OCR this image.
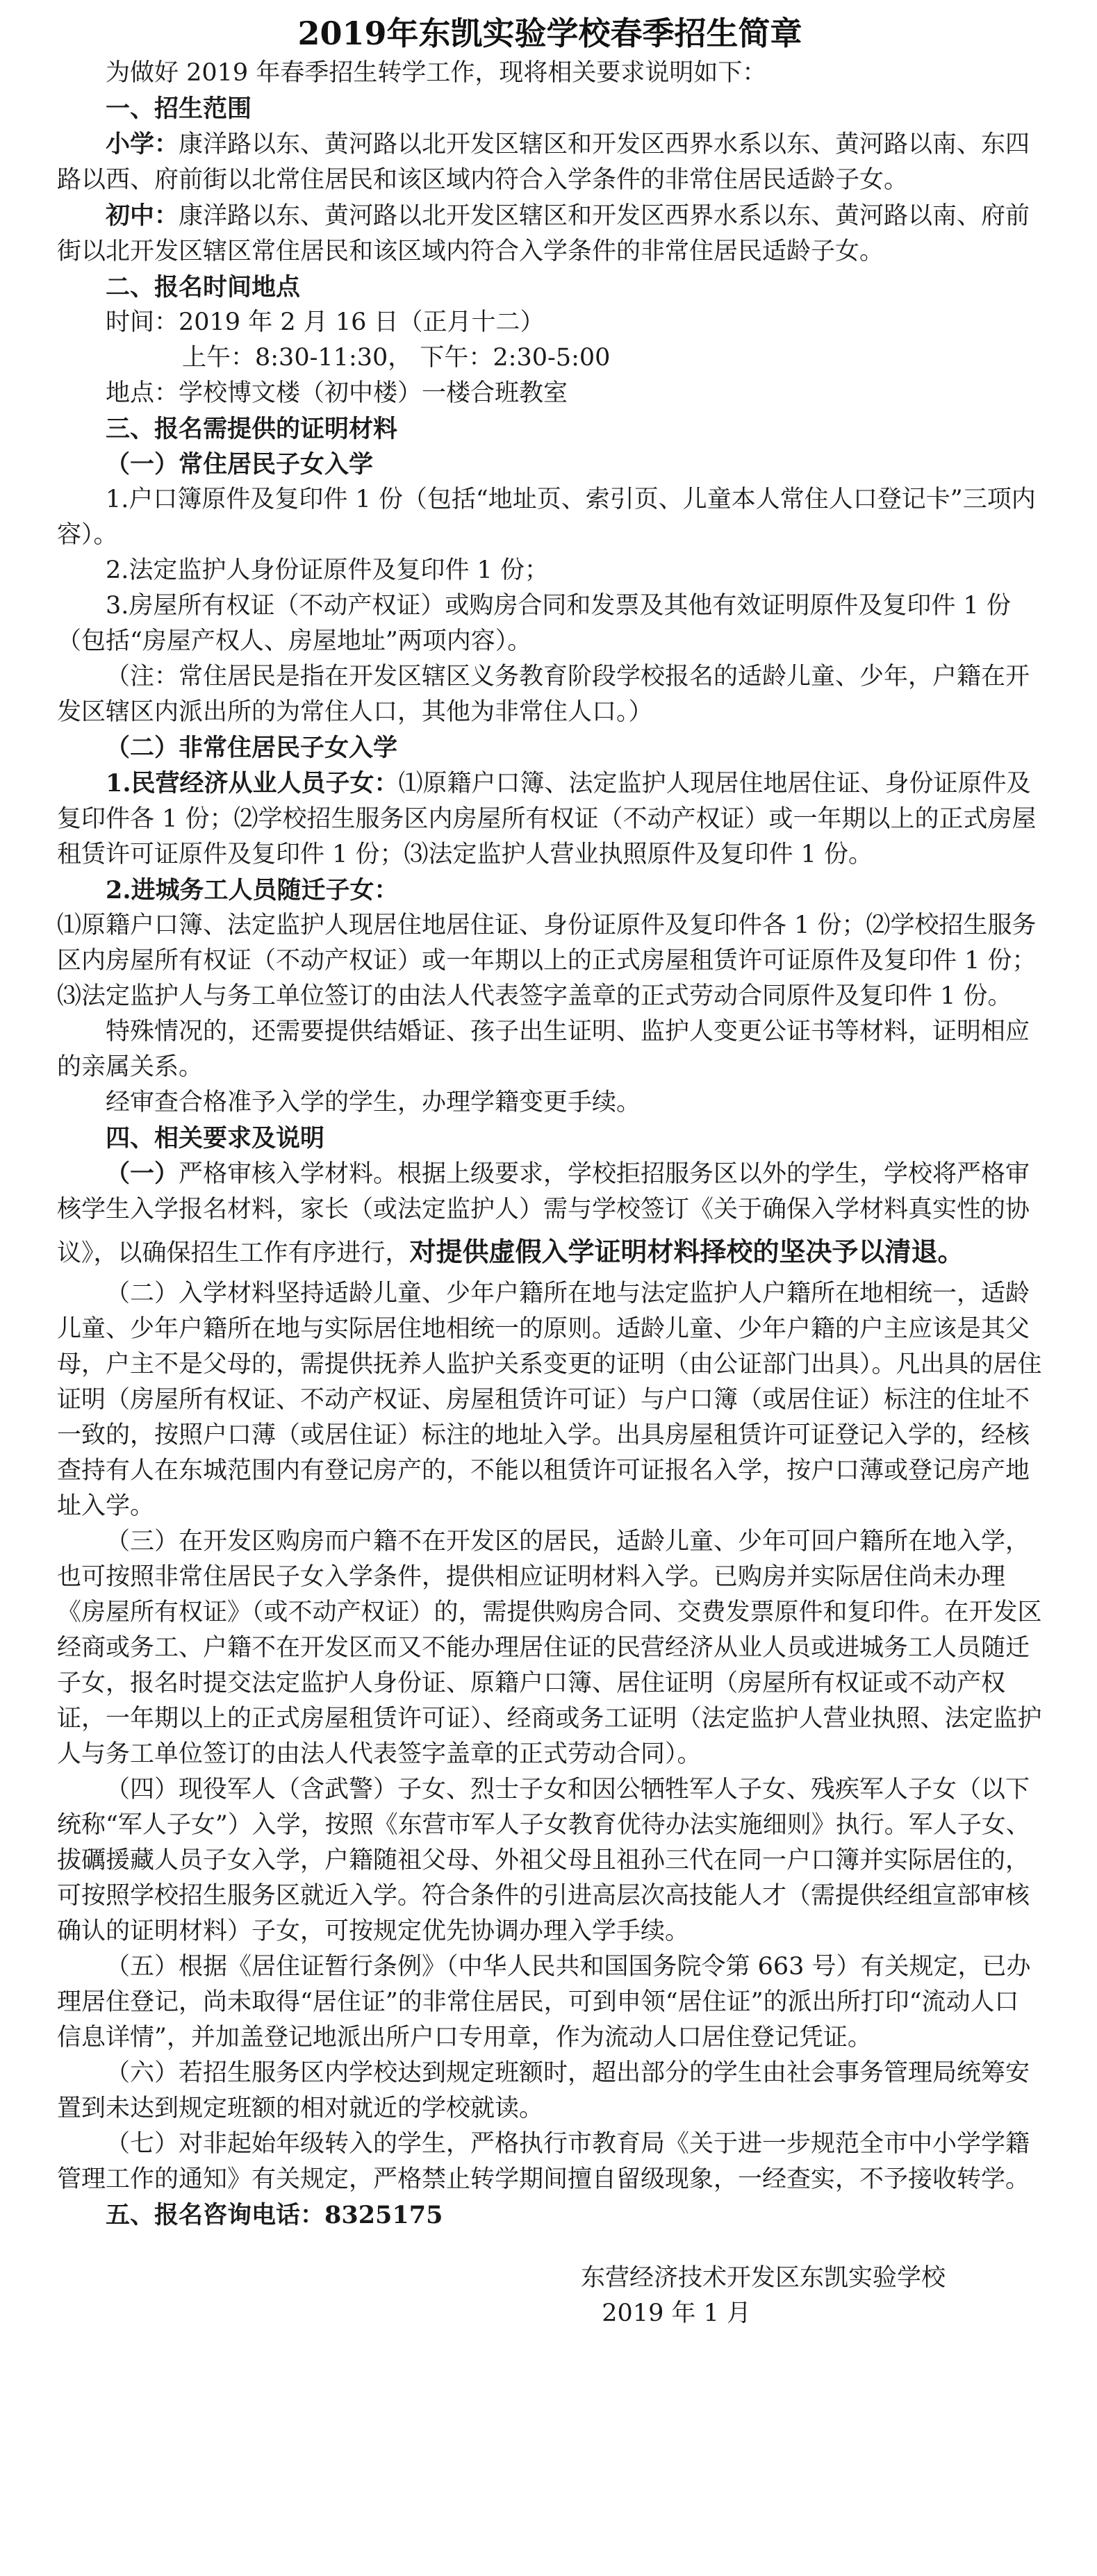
2019年东凯实验学校春季招生简章

为做好 2019 年春季招生转学工作，现将相关要求说明如下：

一、招生范围

小学：康洋路以东、黄河路以北开发区辖区和开发区西界水系以东、黄河路以南、东四路以西、府前街以北常住居民和该区域内符合入学条件的非常住居民适龄子女。

初中：康洋路以东、黄河路以北开发区辖区和开发区西界水系以东、黄河路以南、府前街以北开发区辖区常住居民和该区域内符合入学条件的非常住居民适龄子女。

二、报名时间地点

时间：2019 年 2 月 16 日（正月十二）

上午：8:30-11:30， 下午：2:30-5:00

地点：学校博文楼（初中楼）一楼合班教室

三、报名需提供的证明材料

（一）常住居民子女入学

1.户口簿原件及复印件 1 份（包括“地址页、索引页、儿童本人常住人口登记卡”三项内容）。

2.法定监护人身份证原件及复印件 1 份；

3.房屋所有权证（不动产权证）或购房合同和发票及其他有效证明原件及复印件 1 份（包括“房屋产权人、房屋地址”两项内容）。

（注：常住居民是指在开发区辖区义务教育阶段学校报名的适龄儿童、少年，户籍在开发区辖区内派出所的为常住人口，其他为非常住人口。）

（二）非常住居民子女入学

1.民营经济从业人员子女：⑴原籍户口簿、法定监护人现居住地居住证、身份证原件及复印件各 1 份；⑵学校招生服务区内房屋所有权证（不动产权证）或一年期以上的正式房屋租赁许可证原件及复印件 1 份；⑶法定监护人营业执照原件及复印件 1 份。

2.进城务工人员随迁子女：

⑴原籍户口簿、法定监护人现居住地居住证、身份证原件及复印件各 1 份；⑵学校招生服务区内房屋所有权证（不动产权证）或一年期以上的正式房屋租赁许可证原件及复印件 1 份；⑶法定监护人与务工单位签订的由法人代表签字盖章的正式劳动合同原件及复印件 1 份。

特殊情况的，还需要提供结婚证、孩子出生证明、监护人变更公证书等材料，证明相应的亲属关系。

经审查合格准予入学的学生，办理学籍变更手续。

四、相关要求及说明

（一）严格审核入学材料。根据上级要求，学校拒招服务区以外的学生，学校将严格审核学生入学报名材料，家长（或法定监护人）需与学校签订《关于确保入学材料真实性的协议》，以确保招生工作有序进行，对提供虚假入学证明材料择校的坚决予以清退。

（二）入学材料坚持适龄儿童、少年户籍所在地与法定监护人户籍所在地相统一，适龄儿童、少年户籍所在地与实际居住地相统一的原则。适龄儿童、少年户籍的户主应该是其父母，户主不是父母的，需提供抚养人监护关系变更的证明（由公证部门出具）。凡出具的居住证明（房屋所有权证、不动产权证、房屋租赁许可证）与户口簿（或居住证）标注的住址不一致的，按照户口薄（或居住证）标注的地址入学。出具房屋租赁许可证登记入学的，经核查持有人在东城范围内有登记房产的，不能以租赁许可证报名入学，按户口薄或登记房产地址入学。

（三）在开发区购房而户籍不在开发区的居民，适龄儿童、少年可回户籍所在地入学，也可按照非常住居民子女入学条件，提供相应证明材料入学。已购房并实际居住尚未办理《房屋所有权证》（或不动产权证）的，需提供购房合同、交费发票原件和复印件。在开发区经商或务工、户籍不在开发区而又不能办理居住证的民营经济从业人员或进城务工人员随迁子女，报名时提交法定监护人身份证、原籍户口簿、居住证明（房屋所有权证或不动产权证，一年期以上的正式房屋租赁许可证）、经商或务工证明（法定监护人营业执照、法定监护人与务工单位签订的由法人代表签字盖章的正式劳动合同）。

（四）现役军人（含武警）子女、烈士子女和因公牺牲军人子女、残疾军人子女（以下统称“军人子女”）入学，按照《东营市军人子女教育优待办法实施细则》执行。军人子女、拔礪援藏人员子女入学，户籍随祖父母、外祖父母且祖孙三代在同一户口簿并实际居住的，可按照学校招生服务区就近入学。符合条件的引进高层次高技能人才（需提供经组宣部审核确认的证明材料）子女，可按规定优先协调办理入学手续。

（五）根据《居住证暂行条例》（中华人民共和国国务院令第 663 号）有关规定，已办理居住登记，尚未取得“居住证”的非常住居民，可到申领“居住证”的派出所打印“流动人口信息详情”，并加盖登记地派出所户口专用章，作为流动人口居住登记凭证。

（六）若招生服务区内学校达到规定班额时，超出部分的学生由社会事务管理局统筹安置到未达到规定班额的相对就近的学校就读。

（七）对非起始年级转入的学生，严格执行市教育局《关于进一步规范全市中小学学籍管理工作的通知》有关规定，严格禁止转学期间擅自留级现象，一经查实，不予接收转学。

五、报名咨询电话：8325175

东营经济技术开发区东凯实验学校

2019 年 1 月
